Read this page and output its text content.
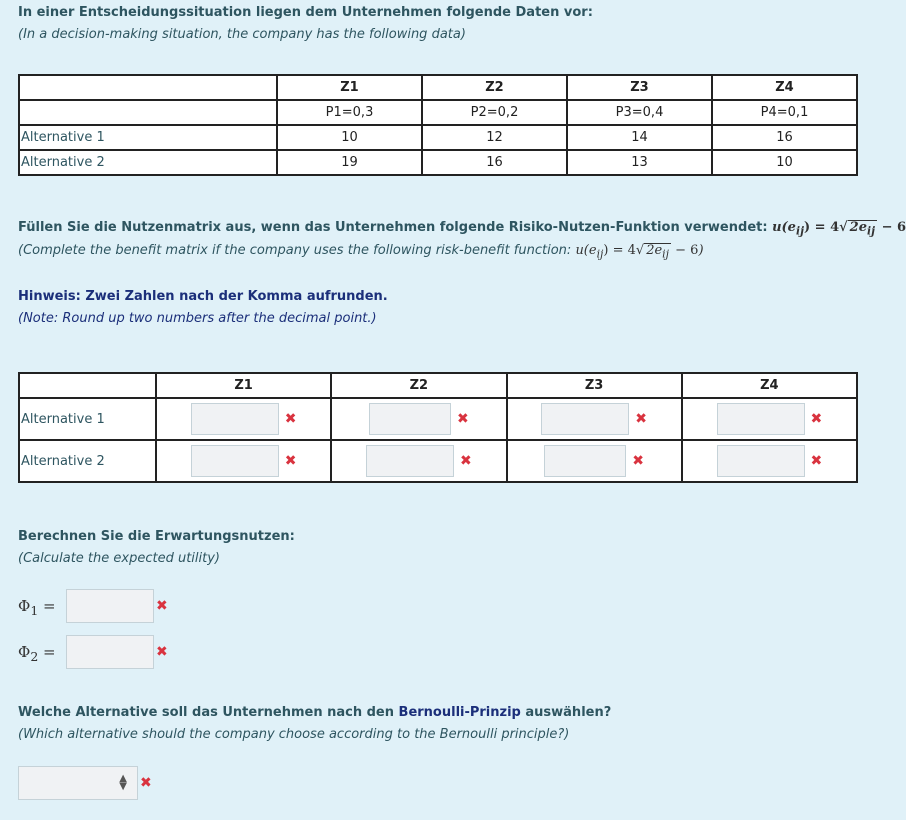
In einer Entscheidungssituation liegen dem Unternehmen folgende Daten vor:
(In a decision-making situation, the company has the following data)
	Z1	Z2	Z3	Z4
	P1=0,3	P2=0,2	P3=0,4	P4=0,1
Alternative 1	10	12	14	16
Alternative 2	19	16	13	10
Füllen Sie die Nutzenmatrix aus, wenn das Unternehmen folgende Risiko-Nutzen-Funktion verwendet: $u(e_{ij}) = 4√$ $2e_{ij} - 6$
(Complete the benefit matrix if the company uses the following risk-benefit function: $u(e_{ij}) = 4√$ $2e_{ij} - 6$)
Hinweis: Zwei Zahlen nach der Komma aufrunden.
(Note: Round up two numbers after the decimal point.)
	Z1	Z2	Z3	Z4
Alternative 1	✖	✖	✖	✖

Alternative 2	✖	✖	✖	✖
Berechnen Sie die Erwartungsnutzen:
(Calculate the expected utility)
$\Phi_1$ =	✖
$\Phi_2$ =	✖
Welche Alternative soll das Unternehmen nach den Bernoulli-Prinzip auswählen?
(Which alternative should the company choose according to the Bernoulli principle?)
▲
▼ ✖
